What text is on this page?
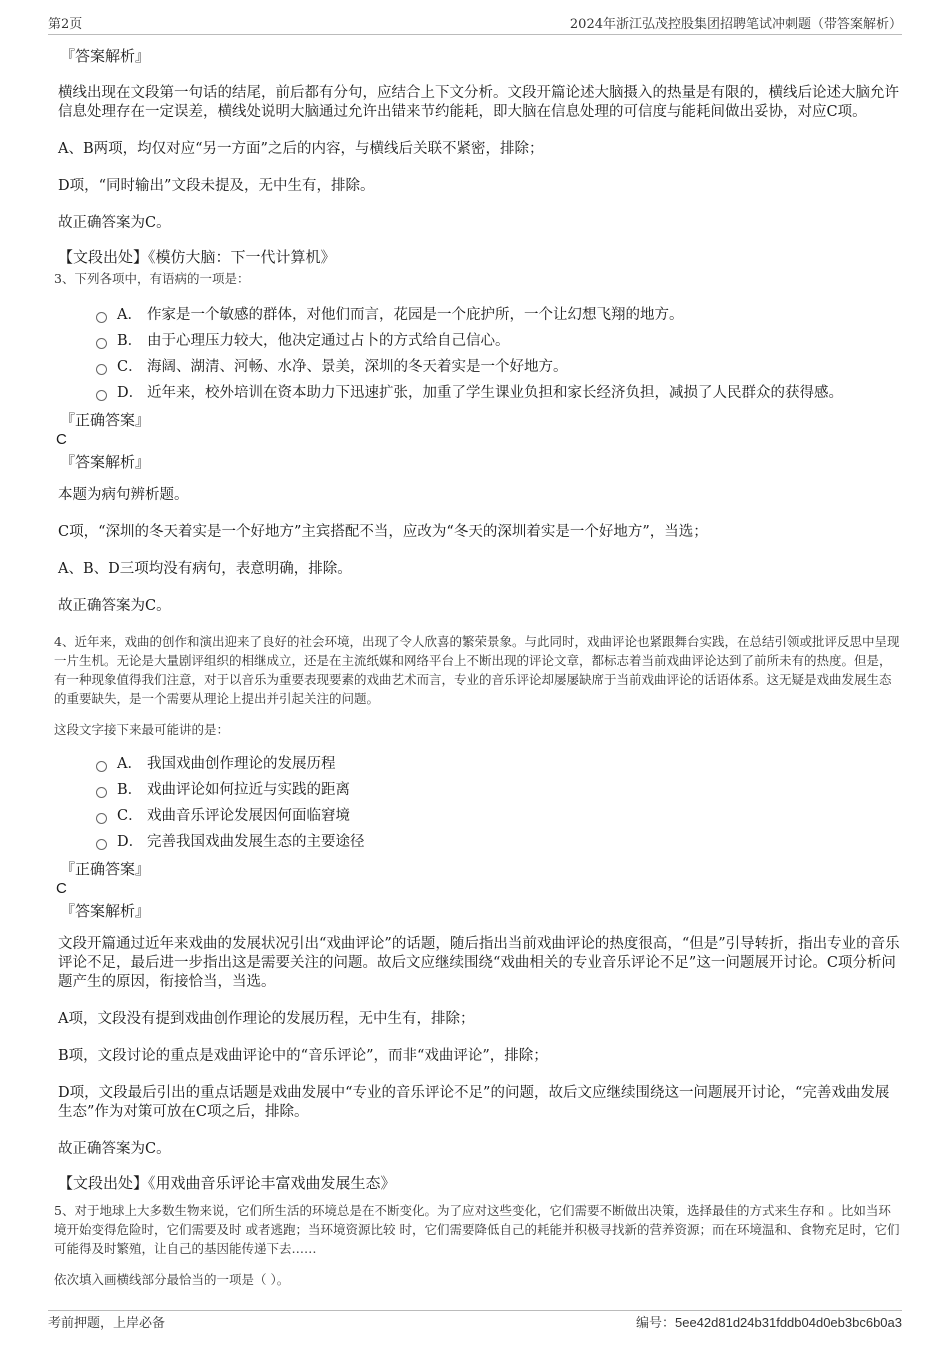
第2页	2024年浙江弘茂控股集团招聘笔试冲刺题（带答案解析）
『答案解析』

横线出现在文段第一句话的结尾，前后都有分句，应结合上下文分析。文段开篇论述大脑摄入的热量是有限的，横线后论述大脑允许信息处理存在一定误差，横线处说明大脑通过允许出错来节约能耗，即大脑在信息处理的可信度与能耗间做出妥协，对应C项。

A、B两项，均仅对应“另一方面”之后的内容，与横线后关联不紧密，排除；

D项，“同时输出”文段未提及，无中生有，排除。

故正确答案为C。

【文段出处】《模仿大脑：下一代计算机》
3、下列各项中，有语病的一项是：
A． 作家是一个敏感的群体，对他们而言，花园是一个庇护所，一个让幻想飞翔的地方。
B． 由于心理压力较大，他决定通过占卜的方式给自己信心。
C． 海阔、湖清、河畅、水净、景美，深圳的冬天着实是一个好地方。
D． 近年来，校外培训在资本助力下迅速扩张，加重了学生课业负担和家长经济负担，减损了人民群众的获得感。
『正确答案』
C
『答案解析』

本题为病句辨析题。

C项，“深圳的冬天着实是一个好地方”主宾搭配不当，应改为“冬天的深圳着实是一个好地方”，当选；

A、B、D三项均没有病句，表意明确，排除。

故正确答案为C。

4、近年来，戏曲的创作和演出迎来了良好的社会环境，出现了令人欣喜的繁荣景象。与此同时，戏曲评论也紧跟舞台实践，在总结引领或批评反思中呈现一片生机。无论是大量剧评组织的相继成立，还是在主流纸媒和网络平台上不断出现的评论文章，都标志着当前戏曲评论达到了前所未有的热度。但是，有一种现象值得我们注意，对于以音乐为重要表现要素的戏曲艺术而言，专业的音乐评论却屡屡缺席于当前戏曲评论的话语体系。这无疑是戏曲发展生态的重要缺失，是一个需要从理论上提出并引起关注的问题。
这段文字接下来最可能讲的是：
A． 我国戏曲创作理论的发展历程
B． 戏曲评论如何拉近与实践的距离
C． 戏曲音乐评论发展因何面临窘境
D． 完善我国戏曲发展生态的主要途径
『正确答案』
C
『答案解析』

文段开篇通过近年来戏曲的发展状况引出“戏曲评论”的话题，随后指出当前戏曲评论的热度很高，“但是”引导转折，指出专业的音乐评论不足，最后进一步指出这是需要关注的问题。故后文应继续围绕“戏曲相关的专业音乐评论不足”这一问题展开讨论。C项分析问题产生的原因，衔接恰当，当选。

A项，文段没有提到戏曲创作理论的发展历程，无中生有，排除；

B项，文段讨论的重点是戏曲评论中的“音乐评论”，而非“戏曲评论”，排除；

D项，文段最后引出的重点话题是戏曲发展中“专业的音乐评论不足”的问题，故后文应继续围绕这一问题展开讨论，“完善戏曲发展生态”作为对策可放在C项之后，排除。

故正确答案为C。

【文段出处】《用戏曲音乐评论丰富戏曲发展生态》
5、对于地球上大多数生物来说，它们所生活的环境总是在不断变化。为了应对这些变化，它们需要不断做出决策，选择最佳的方式来生存和 。比如当环境开始变得危险时，它们需要及时 或者逃跑；当环境资源比较 时，它们需要降低自己的耗能并积极寻找新的营养资源；而在环境温和、食物充足时，它们可能得及时繁殖，让自己的基因能传递下去……
依次填入画横线部分最恰当的一项是（ ）。
考前押题，上岸必备	编号：5ee42d81d24b31fddb04d0eb3bc6b0a3
